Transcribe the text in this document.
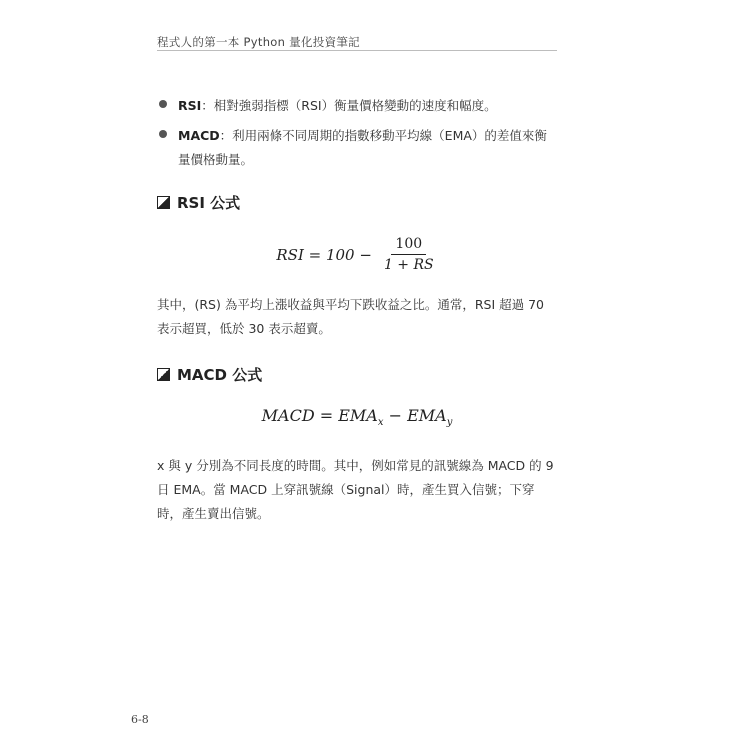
程式人的第一本 Python 量化投資筆記
RSI：相對強弱指標（RSI）衡量價格變動的速度和幅度。
MACD：利用兩條不同周期的指數移動平均線（EMA）的差值來衡量價格動量。
RSI 公式
RSI = $100 - \frac{100}{1 + RS}$
其中，(RS) 為平均上漲收益與平均下跌收益之比。通常，RSI 超過 70 表示超買，低於 30 表示超賣。
MACD 公式
MACD = $EMA_x - EMA_y$
x 與 y 分別為不同長度的時間。其中，例如常見的訊號線為 MACD 的 9 日 EMA。當 MACD 上穿訊號線（Signal）時，產生買入信號；下穿時，產生賣出信號。
6-8
